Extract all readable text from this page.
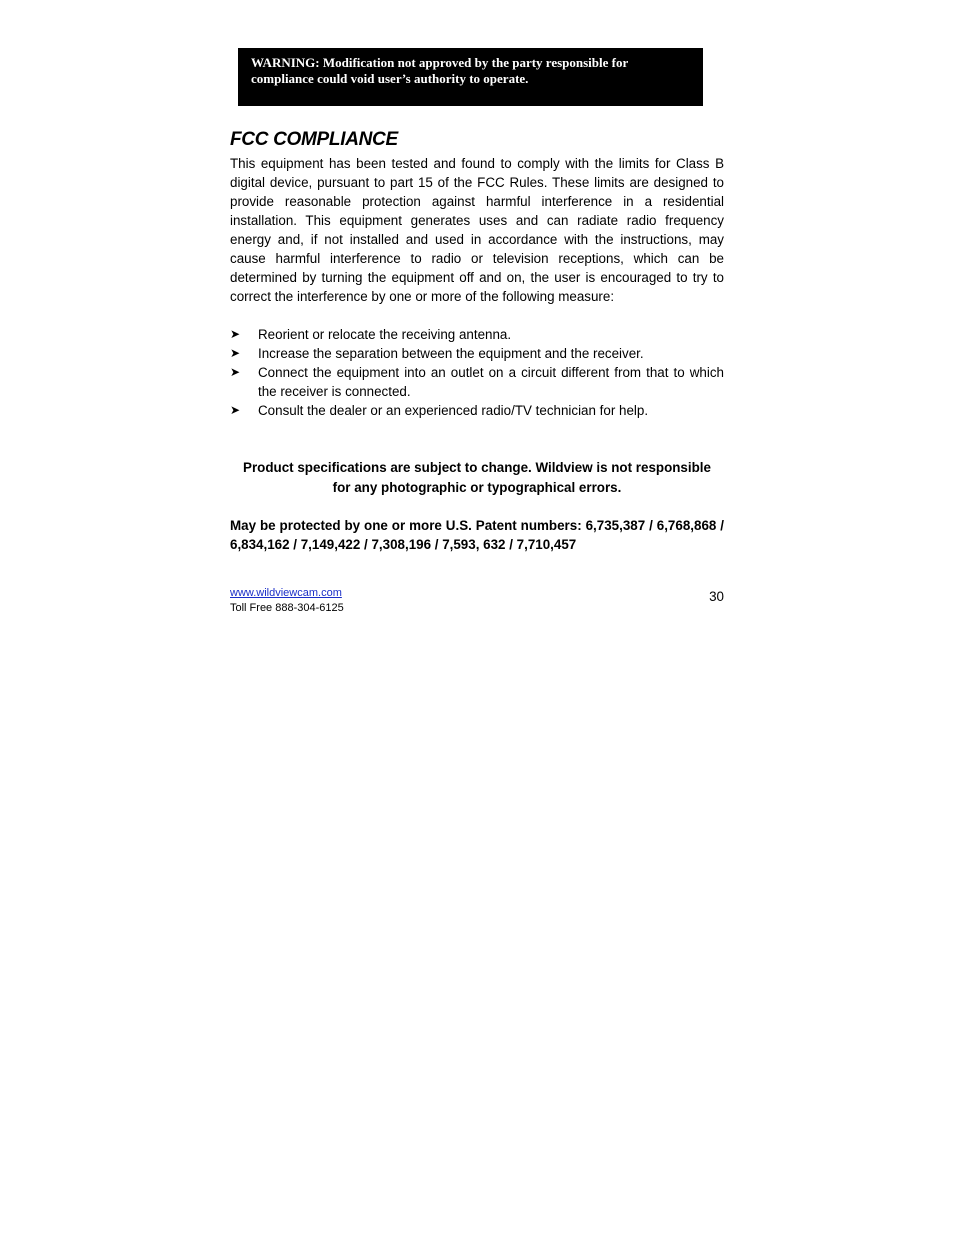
WARNING: Modification not approved by the party responsible for compliance could void user’s authority to operate.
FCC COMPLIANCE

This equipment has been tested and found to comply with the limits for Class B digital device, pursuant to part 15 of the FCC Rules. These limits are designed to provide reasonable protection against harmful interference in a residential installation. This equipment generates uses and can radiate radio frequency energy and, if not installed and used in accordance with the instructions, may cause harmful interference to radio or television receptions, which can be determined by turning the equipment off and on, the user is encouraged to try to correct the interference by one or more of the following measure:

➤ Reorient or relocate the receiving antenna.
➤ Increase the separation between the equipment and the receiver.
➤ Connect the equipment into an outlet on a circuit different from that to which the receiver is connected.
➤ Consult the dealer or an experienced radio/TV technician for help.
Product specifications are subject to change. Wildview is not responsible
for any photographic or typographical errors.

May be protected by one or more U.S. Patent numbers: 6,735,387 / 6,768,868 / 6,834,162 / 7,149,422 / 7,308,196 / 7,593, 632 / 7,710,457

www.wildviewcam.com
Toll Free 888-304-6125
30
